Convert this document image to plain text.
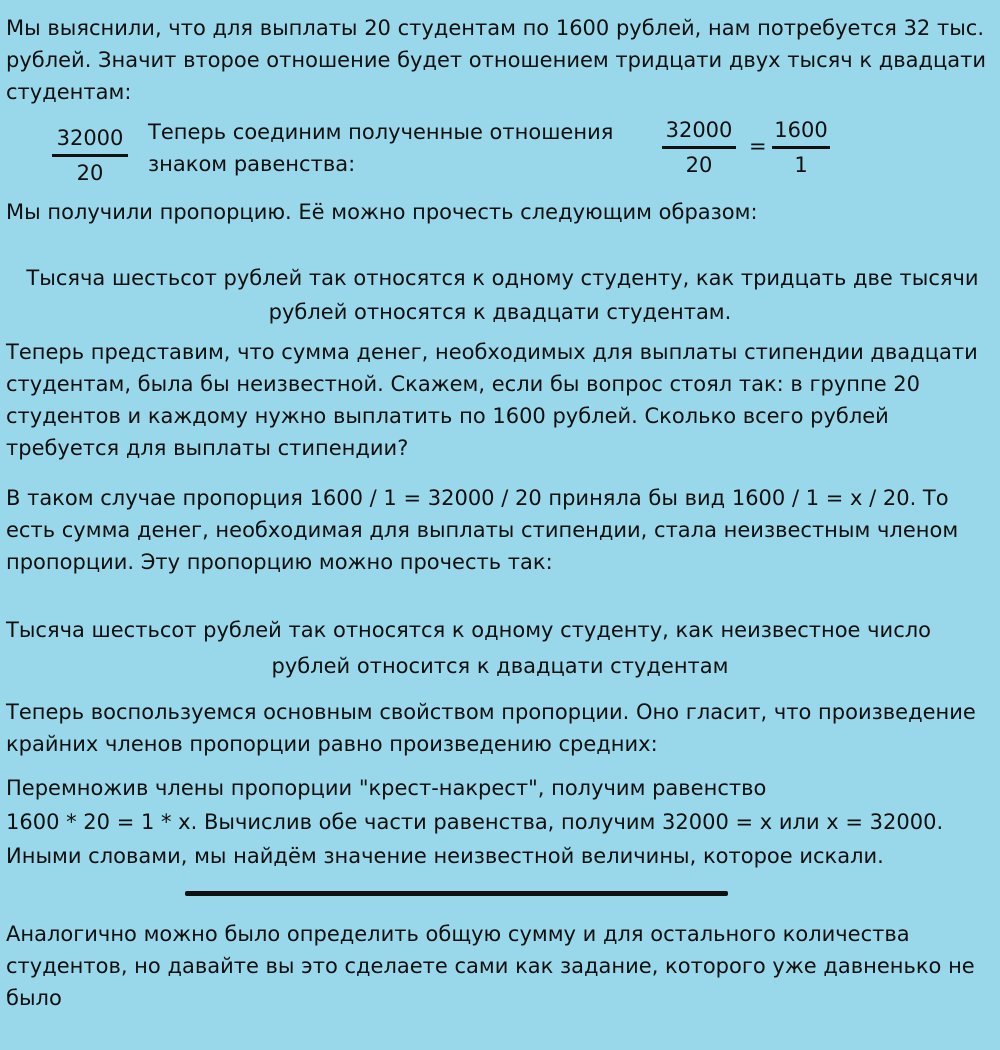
Мы выяснили, что для выплаты 20 студентам по 1600 рублей, нам потребуется 32 тыс. рублей. Значит второе отношение будет отношением тридцати двух тысяч к двадцати студентам:

32000
20
Теперь соединим полученные отношения
знаком равенства:
32000
20
=
1600
1

Мы получили пропорцию. Её можно прочесть следующим образом:

Тысяча шестьсот рублей так относятся к одному студенту, как тридцать две тысячи

рублей относятся к двадцати студентам.

Теперь представим, что сумма денег, необходимых для выплаты стипендии двадцати студентам, была бы неизвестной. Скажем, если бы вопрос стоял так: в группе 20 студентов и каждому нужно выплатить по 1600 рублей. Сколько всего рублей требуется для выплаты стипендии?

В таком случае пропорция 1600 / 1 = 32000 / 20 приняла бы вид 1600 / 1 = x / 20. То есть сумма денег, необходимая для выплаты стипендии, стала неизвестным членом пропорции. Эту пропорцию можно прочесть так:

Тысяча шестьсот рублей так относятся к одному студенту, как неизвестное число

рублей относится к двадцати студентам

Теперь воспользуемся основным свойством пропорции. Оно гласит, что произведение крайних членов пропорции равно произведению средних:

Перемножив члены пропорции "крест-накрест", получим равенство

1600 * 20 = 1 * x. Вычислив обе части равенства, получим 32000 = x или x = 32000.

Иными словами, мы найдём значение неизвестной величины, которое искали.

Аналогично можно было определить общую сумму и для остального количества студентов, но давайте вы это сделаете сами как задание, которого уже давненько не было
